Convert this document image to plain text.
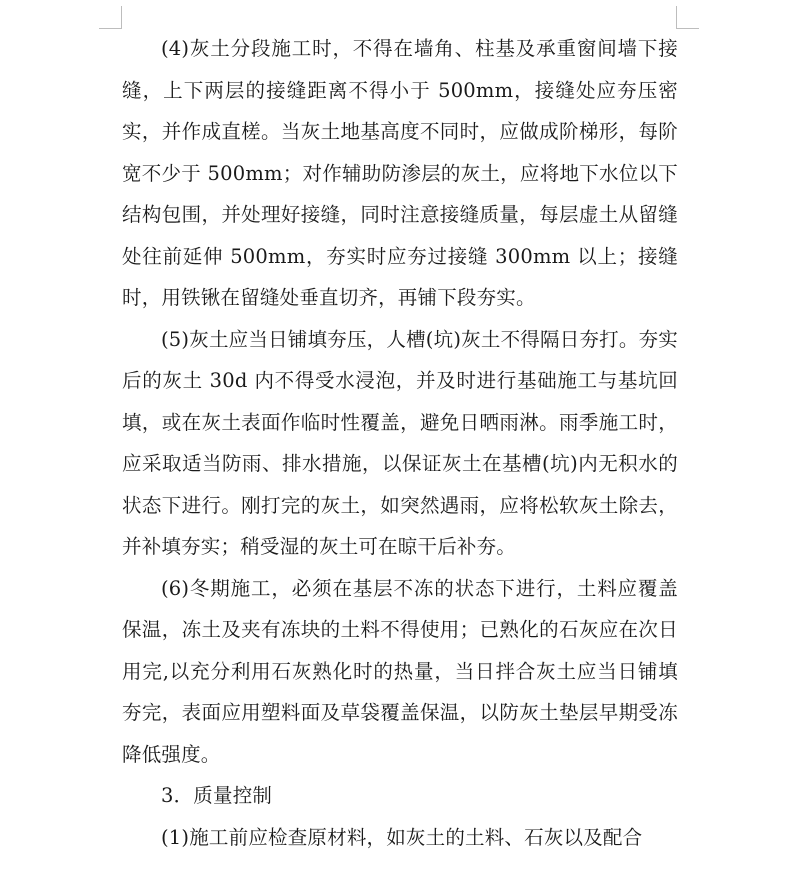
(4)灰土分段施工时，不得在墙角、柱基及承重窗间墙下接缝，上下两层的接缝距离不得小于 500mm，接缝处应夯压密实，并作成直槎。当灰土地基高度不同时，应做成阶梯形，每阶宽不少于 500mm；对作辅助防渗层的灰土，应将地下水位以下结构包围，并处理好接缝，同时注意接缝质量，每层虚土从留缝处往前延伸 500mm，夯实时应夯过接缝 300mm 以上；接缝时，用铁锹在留缝处垂直切齐，再铺下段夯实。

(5)灰土应当日铺填夯压，人槽(坑)灰土不得隔日夯打。夯实后的灰土 30d 内不得受水浸泡，并及时进行基础施工与基坑回填，或在灰土表面作临时性覆盖，避免日晒雨淋。雨季施工时，应采取适当防雨、排水措施，以保证灰土在基槽(坑)内无积水的状态下进行。刚打完的灰土，如突然遇雨，应将松软灰土除去，并补填夯实；稍受湿的灰土可在晾干后补夯。

(6)冬期施工，必须在基层不冻的状态下进行，土料应覆盖保温，冻土及夹有冻块的土料不得使用；已熟化的石灰应在次日用完,以充分利用石灰熟化时的热量，当日拌合灰土应当日铺填夯完，表面应用塑料面及草袋覆盖保温，以防灰土垫层早期受冻降低强度。

3．质量控制

(1)施工前应检查原材料，如灰土的土料、石灰以及配合
